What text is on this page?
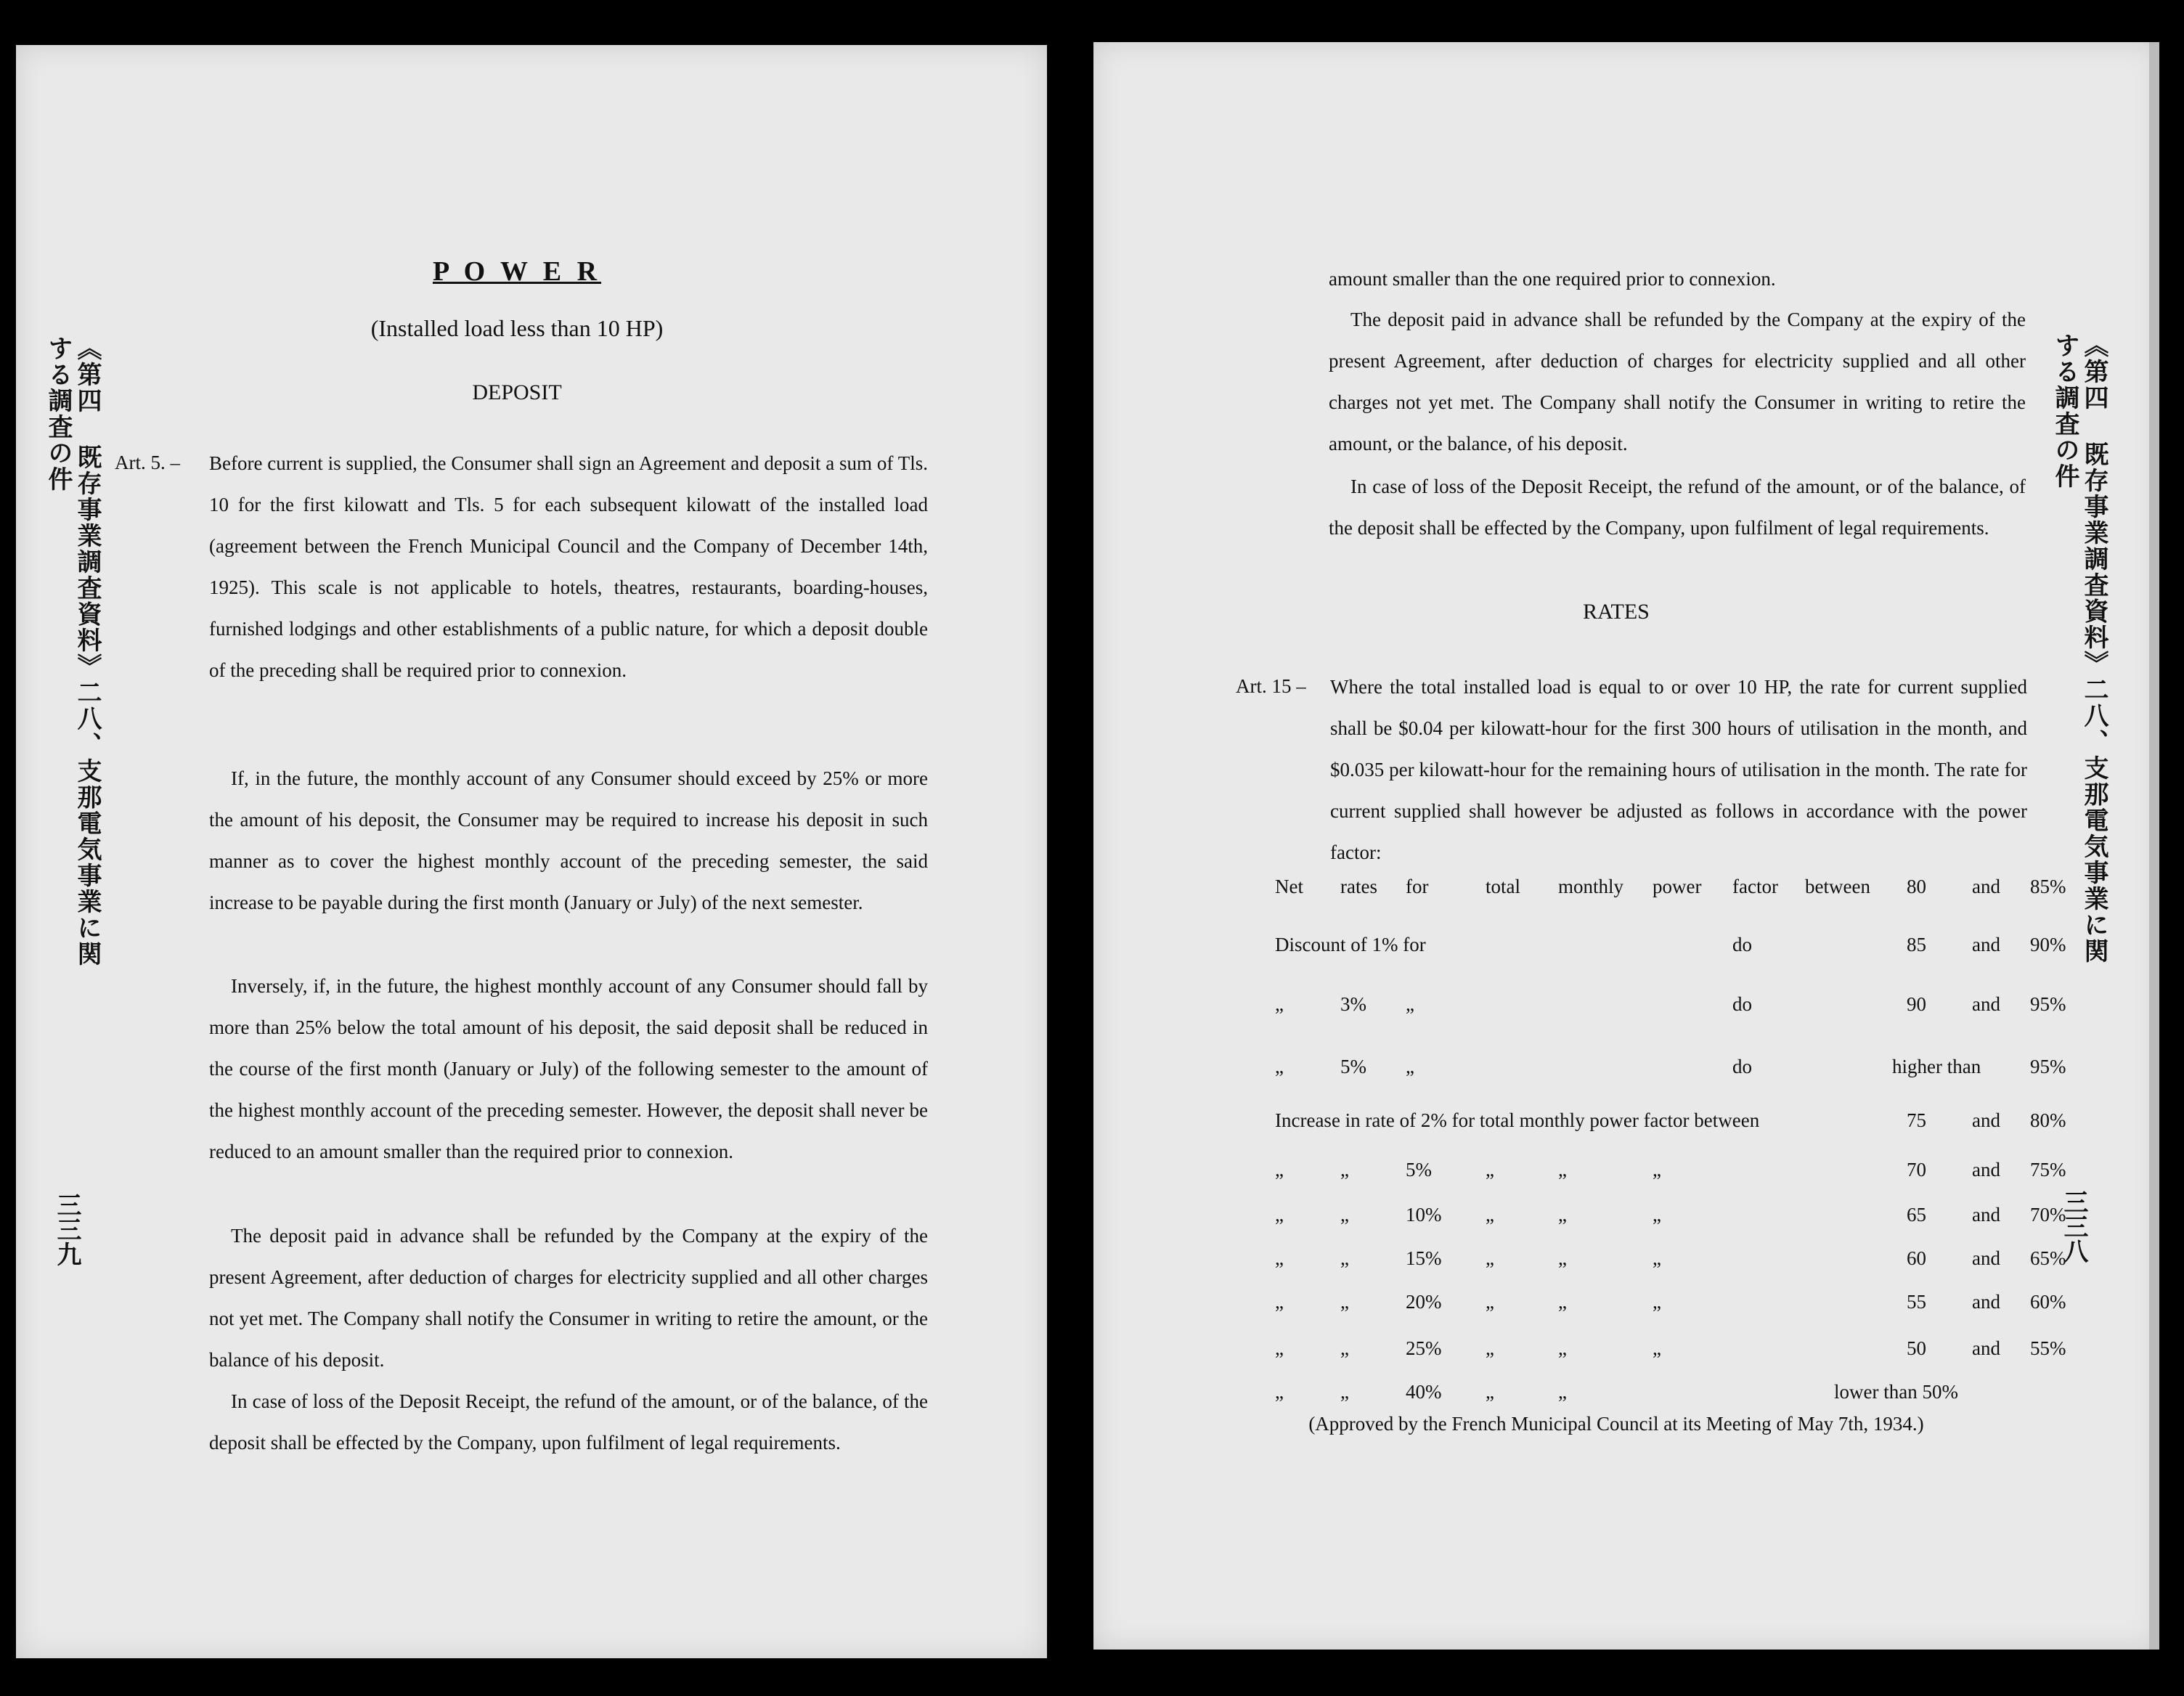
《第四 既存事業調査資料》二八、支那電気事業に関する調査の件
三三九
P O W E R
(Installed load less than 10 HP)
DEPOSIT
Art. 5. – Before current is supplied, the Consumer shall sign an Agreement and deposit a sum of Tls. 10 for the first kilowatt and Tls. 5 for each subsequent kilowatt of the installed load (agreement between the French Municipal Council and the Company of December 14th, 1925). This scale is not applicable to hotels, theatres, restaurants, boarding-houses, furnished lodgings and other establishments of a public nature, for which a deposit double of the preceding shall be required prior to connexion.
If, in the future, the monthly account of any Consumer should exceed by 25% or more the amount of his deposit, the Consumer may be required to increase his deposit in such manner as to cover the highest monthly account of the preceding semester, the said increase to be payable during the first month (January or July) of the next semester.
Inversely, if, in the future, the highest monthly account of any Consumer should fall by more than 25% below the total amount of his deposit, the said deposit shall be reduced in the course of the first month (January or July) of the following semester to the amount of the highest monthly account of the preceding semester. However, the deposit shall never be reduced to an amount smaller than the required prior to connexion.
The deposit paid in advance shall be refunded by the Company at the expiry of the present Agreement, after deduction of charges for electricity supplied and all other charges not yet met. The Company shall notify the Consumer in writing to retire the amount, or the balance of his deposit.
In case of loss of the Deposit Receipt, the refund of the amount, or of the balance, of the deposit shall be effected by the Company, upon fulfilment of legal requirements.
《第四 既存事業調査資料》二八、支那電気事業に関する調査の件
三三八
amount smaller than the one required prior to connexion.
The deposit paid in advance shall be refunded by the Company at the expiry of the present Agreement, after deduction of charges for electricity supplied and all other charges not yet met. The Company shall notify the Consumer in writing to retire the amount, or the balance, of his deposit.
In case of loss of the Deposit Receipt, the refund of the amount, or of the balance, of the deposit shall be effected by the Company, upon fulfilment of legal requirements.
RATES
Art. 15 – Where the total installed load is equal to or over 10 HP, the rate for current supplied shall be $0.04 per kilowatt-hour for the first 300 hours of utilisation in the month, and $0.035 per kilowatt-hour for the remaining hours of utilisation in the month. The rate for current supplied shall however be adjusted as follows in accordance with the power factor:
Net rates for	total monthly power factor between 80 and 85%
Discount of 1% for	do	85 and 90%
„	3% „	do	90 and 95%
„	5% „	do	higher than	95%
Increase in rate of 2% for total monthly power factor between	75 and 80%
„	„	5%	„	„	„	70 and 75%
„	„	10% „	„	„	65 and 70%
„	„	15% „	„	„	60 and 65%
„	„	20% „	„	„	55 and 60%
„	„	25% „	„	„	50 and 55%
„	„	40% „	„	lower than 50%
(Approved by the French Municipal Council at its Meeting of May 7th, 1934.)
